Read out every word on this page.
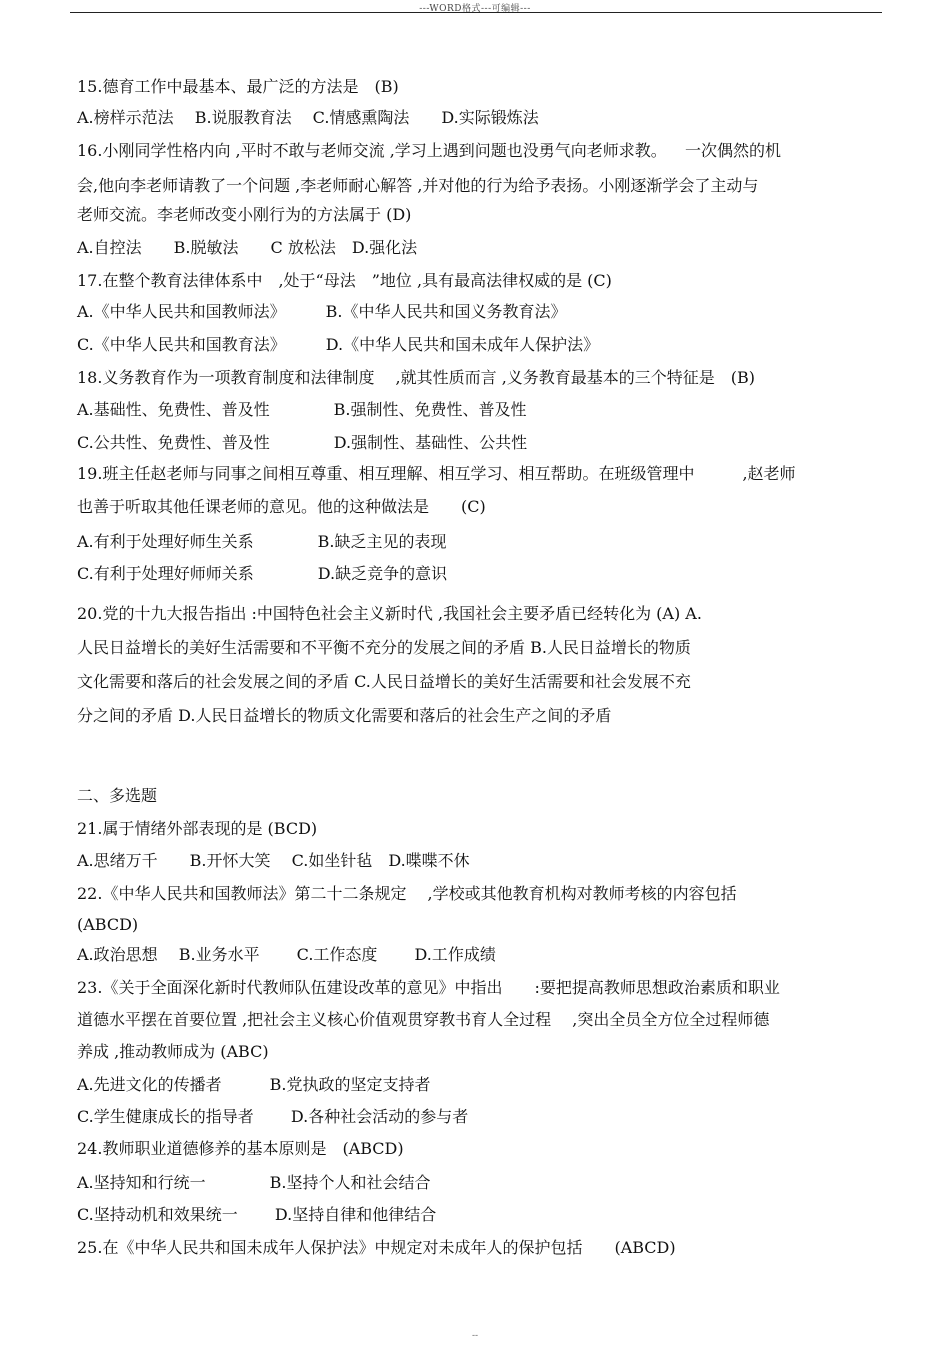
---WORD格式---可编辑---
15.德育工作中最基本、最广泛的方法是　(B)
A.榜样示范法　 B.说服教育法　 C.情感熏陶法　　D.实际锻炼法
16.小刚同学性格内向 ,平时不敢与老师交流 ,学习上遇到问题也没勇气向老师求教。　  一次偶然的机
会,他向李老师请教了一个问题 ,李老师耐心解答 ,并对他的行为给予表扬。小刚逐渐学会了主动与
老师交流。李老师改变小刚行为的方法属于 (D)
A.自控法　　B.脱敏法　　C 放松法　D.强化法
17.在整个教育法律体系中　,处于“母法　”地位 ,具有最高法律权威的是 (C)
A.《中华人民共和国教师法》　　　B.《中华人民共和国义务教育法》
C.《中华人民共和国教育法》　　　D.《中华人民共和国未成年人保护法》
18.义务教育作为一项教育制度和法律制度　 ,就其性质而言 ,义务教育最基本的三个特征是　(B)
A.基础性、免费性、普及性　　　　B.强制性、免费性、普及性
C.公共性、免费性、普及性　　　　D.强制性、基础性、公共性
19.班主任赵老师与同事之间相互尊重、相互理解、相互学习、相互帮助。在班级管理中　　　,赵老师
也善于听取其他任课老师的意见。他的这种做法是　　(C)
A.有利于处理好师生关系　　　　B.缺乏主见的表现
C.有利于处理好师师关系　　　　D.缺乏竞争的意识
20.党的十九大报告指出 :中国特色社会主义新时代 ,我国社会主要矛盾已经转化为 (A) A.
人民日益增长的美好生活需要和不平衡不充分的发展之间的矛盾 B.人民日益增长的物质
文化需要和落后的社会发展之间的矛盾 C.人民日益增长的美好生活需要和社会发展不充
分之间的矛盾 D.人民日益增长的物质文化需要和落后的社会生产之间的矛盾
二、多选题
21.属于情绪外部表现的是 (BCD)
A.思绪万千　　B.开怀大笑　 C.如坐针毡　D.喋喋不休
22.《中华人民共和国教师法》第二十二条规定　 ,学校或其他教育机构对教师考核的内容包括
(ABCD)
A.政治思想　 B.业务水平　　 C.工作态度　　 D.工作成绩
23.《关于全面深化新时代教师队伍建设改革的意见》中指出　　:要把提高教师思想政治素质和职业
道德水平摆在首要位置 ,把社会主义核心价值观贯穿教书育人全过程　 ,突出全员全方位全过程师德
养成 ,推动教师成为 (ABC)
A.先进文化的传播者　　　B.党执政的坚定支持者
C.学生健康成长的指导者　　 D.各种社会活动的参与者
24.教师职业道德修养的基本原则是　(ABCD)
A.坚持知和行统一　　　　B.坚持个人和社会结合
C.坚持动机和效果统一　　 D.坚持自律和他律结合
25.在《中华人民共和国未成年人保护法》中规定对未成年人的保护包括　　(ABCD)
--
